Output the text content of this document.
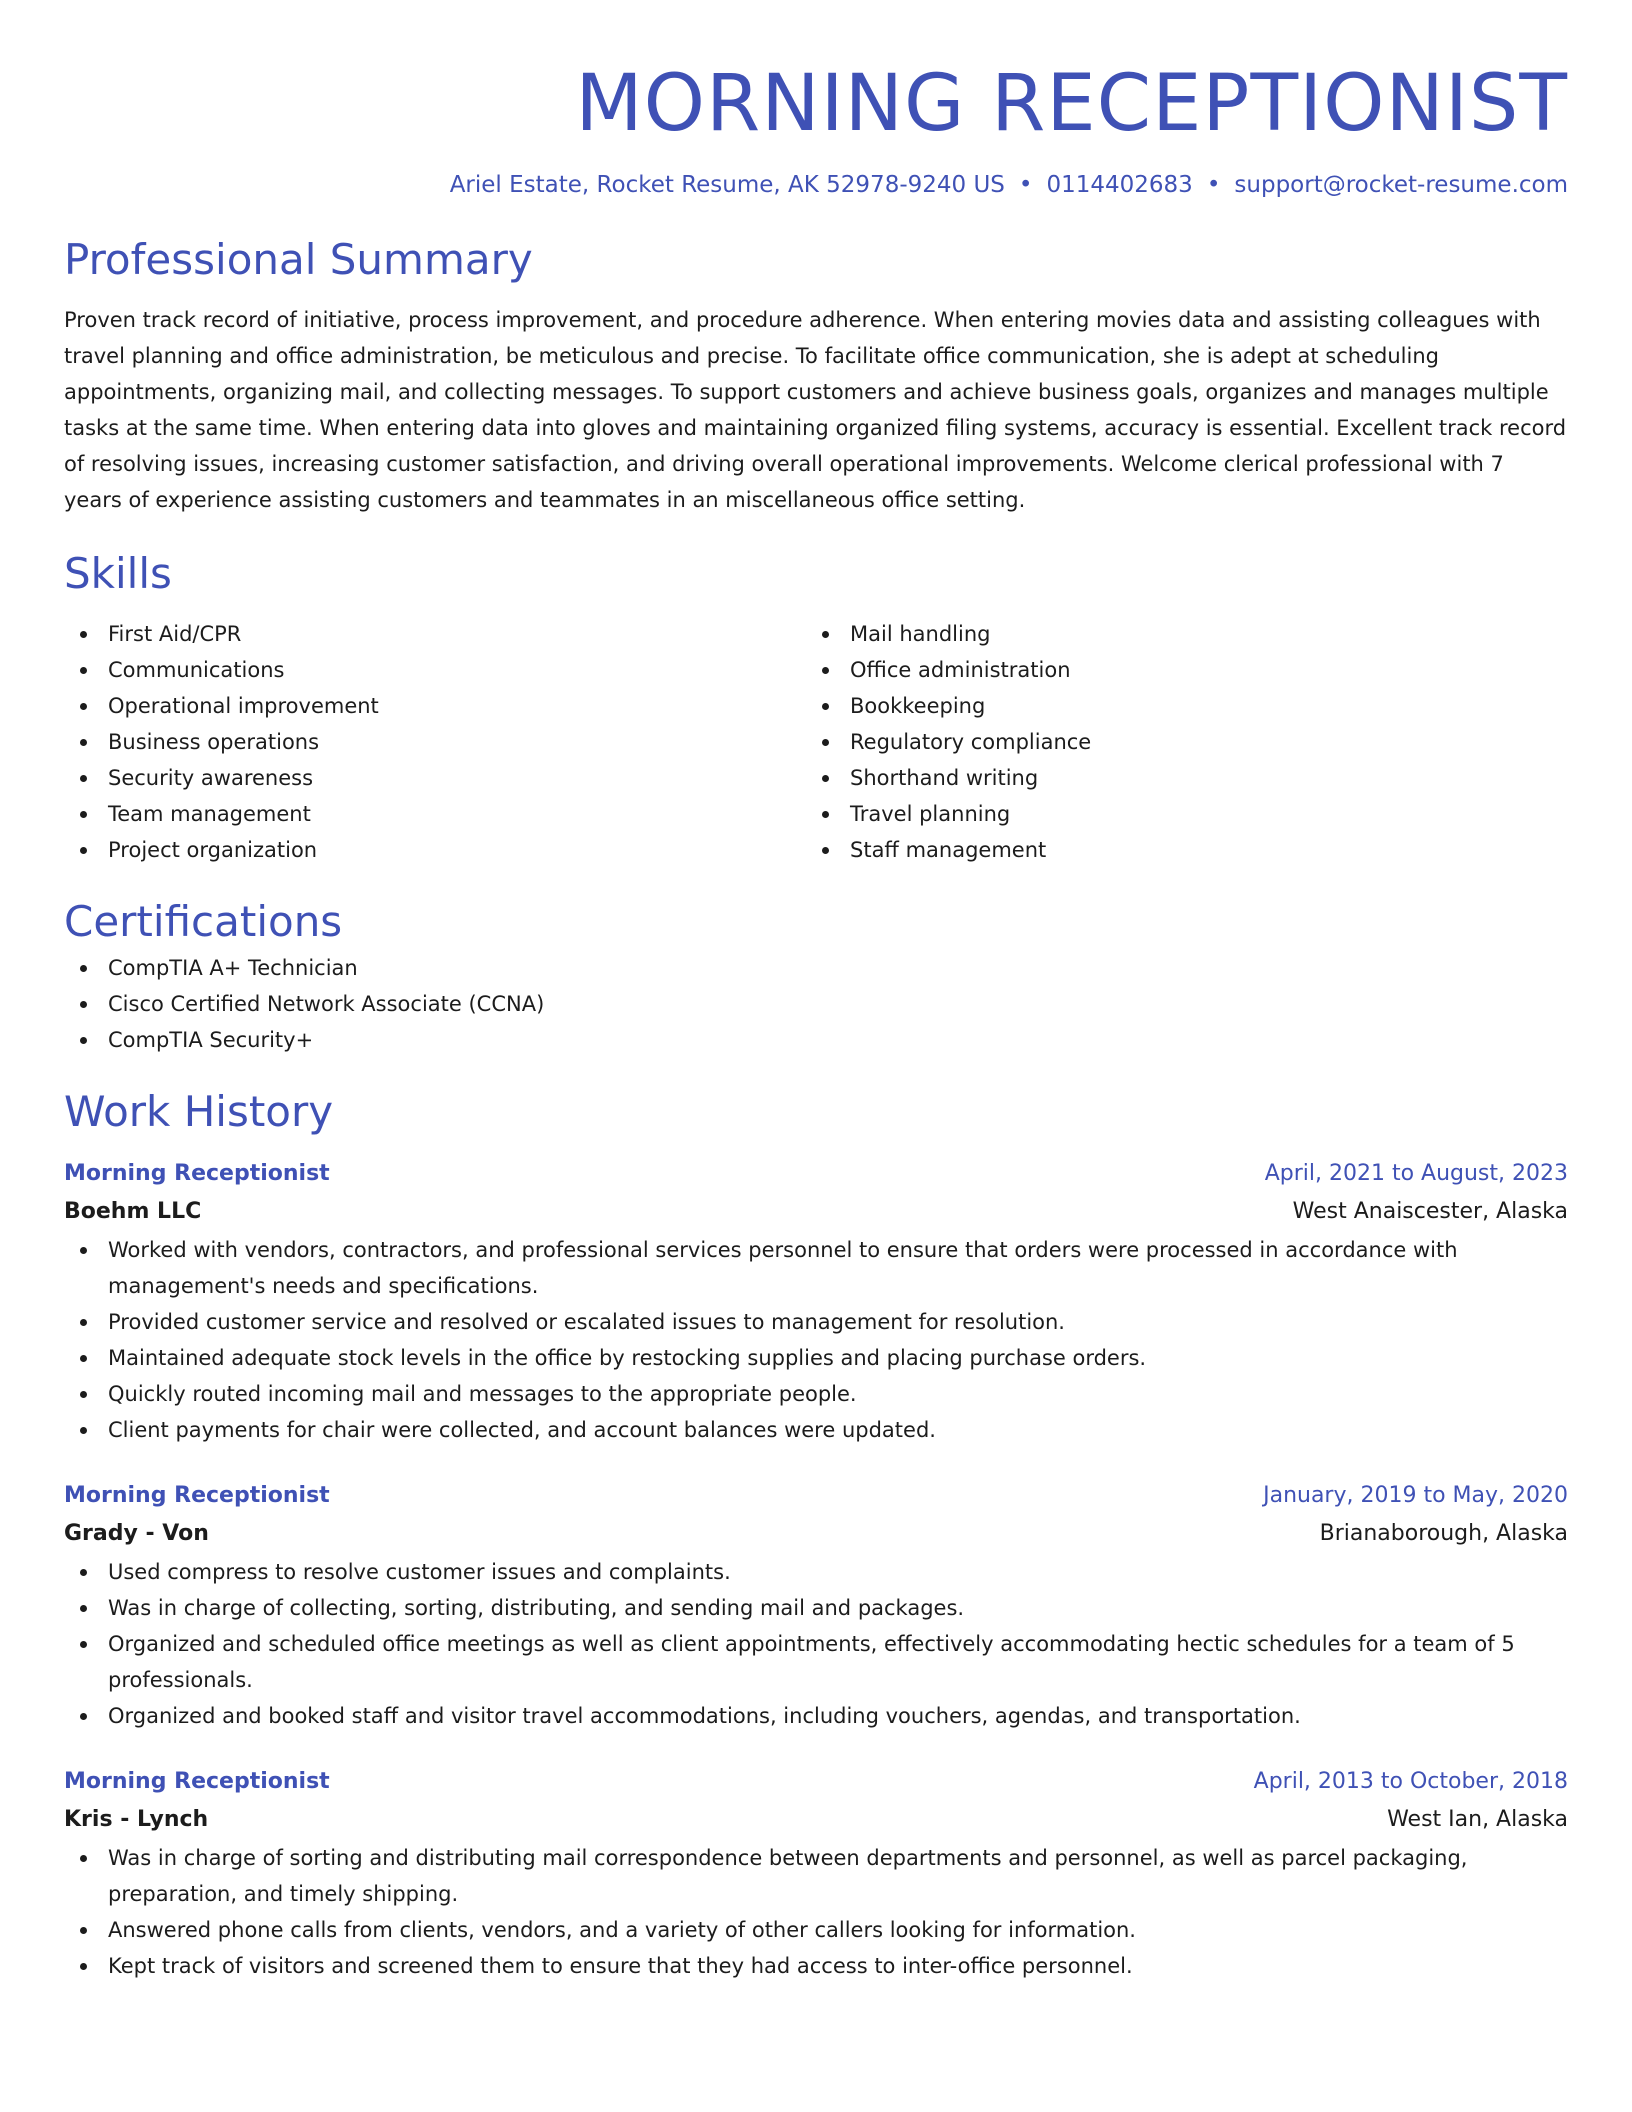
MORNING RECEPTIONIST
Ariel Estate, Rocket Resume, AK 52978-9240 US • 0114402683 • support@rocket-resume.com
Professional Summary

Proven track record of initiative, process improvement, and procedure adherence. When entering movies data and assisting colleagues with travel planning and office administration, be meticulous and precise. To facilitate office communication, she is adept at scheduling appointments, organizing mail, and collecting messages. To support customers and achieve business goals, organizes and manages multiple tasks at the same time. When entering data into gloves and maintaining organized filing systems, accuracy is essential. Excellent track record of resolving issues, increasing customer satisfaction, and driving overall operational improvements. Welcome clerical professional with 7 years of experience assisting customers and teammates in an miscellaneous office setting.

Skills
First Aid/CPR
Communications
Operational improvement
Business operations
Security awareness
Team management
Project organization
Mail handling
Office administration
Bookkeeping
Regulatory compliance
Shorthand writing
Travel planning
Staff management
Certifications
CompTIA A+ Technician
Cisco Certified Network Associate (CCNA)
CompTIA Security+
Work History
Morning Receptionist	April, 2021 to August, 2023
Boehm LLC	West Anaiscester, Alaska
Worked with vendors, contractors, and professional services personnel to ensure that orders were processed in accordance with management's needs and specifications.
Provided customer service and resolved or escalated issues to management for resolution.
Maintained adequate stock levels in the office by restocking supplies and placing purchase orders.
Quickly routed incoming mail and messages to the appropriate people.
Client payments for chair were collected, and account balances were updated.
Morning Receptionist	January, 2019 to May, 2020
Grady - Von	Brianaborough, Alaska
Used compress to resolve customer issues and complaints.
Was in charge of collecting, sorting, distributing, and sending mail and packages.
Organized and scheduled office meetings as well as client appointments, effectively accommodating hectic schedules for a team of 5 professionals.
Organized and booked staff and visitor travel accommodations, including vouchers, agendas, and transportation.
Morning Receptionist	April, 2013 to October, 2018
Kris - Lynch	West Ian, Alaska
Was in charge of sorting and distributing mail correspondence between departments and personnel, as well as parcel packaging, preparation, and timely shipping.
Answered phone calls from clients, vendors, and a variety of other callers looking for information.
Kept track of visitors and screened them to ensure that they had access to inter-office personnel.
